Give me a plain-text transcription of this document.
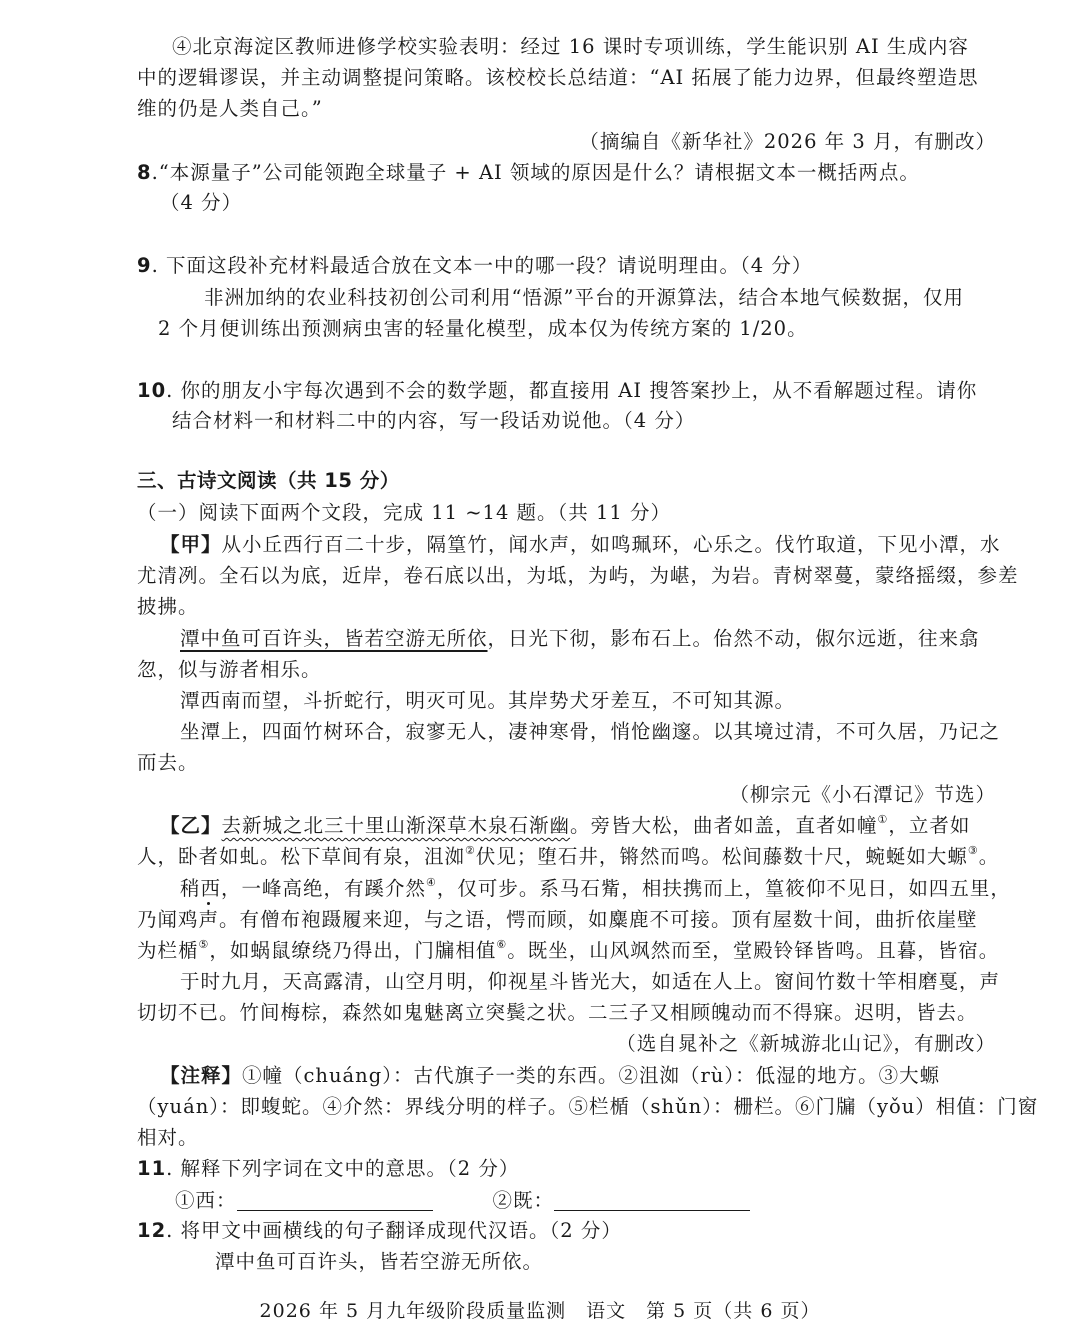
④北京海淀区教师进修学校实验表明：经过 16 课时专项训练，学生能识别 AI 生成内容
中的逻辑谬误，并主动调整提问策略。该校校长总结道：“AI 拓展了能力边界，但最终塑造思
维的仍是人类自己。”
（摘编自《新华社》2026 年 3 月，有删改）
8.“本源量子”公司能领跑全球量子 + AI 领域的原因是什么？请根据文本一概括两点。
（4 分）
9. 下面这段补充材料最适合放在文本一中的哪一段？请说明理由。（4 分）
非洲加纳的农业科技初创公司利用“悟源”平台的开源算法，结合本地气候数据，仅用
2 个月便训练出预测病虫害的轻量化模型，成本仅为传统方案的 1/20。
10. 你的朋友小宇每次遇到不会的数学题，都直接用 AI 搜答案抄上，从不看解题过程。请你
结合材料一和材料二中的内容，写一段话劝说他。（4 分）
三、古诗文阅读（共 15 分）
（一）阅读下面两个文段，完成 11 ~14 题。（共 11 分）
【甲】从小丘西行百二十步，隔篁竹，闻水声，如鸣珮环，心乐之。伐竹取道，下见小潭，水
尤清冽。全石以为底，近岸，卷石底以出，为坻，为屿，为嵁，为岩。青树翠蔓，蒙络摇缀，参差
披拂。
潭中鱼可百许头，皆若空游无所依，日光下彻，影布石上。佁然不动，俶尔远逝，往来翕
忽，似与游者相乐。
潭西南而望，斗折蛇行，明灭可见。其岸势犬牙差互，不可知其源。
坐潭上，四面竹树环合，寂寥无人，凄神寒骨，悄怆幽邃。以其境过清，不可久居，乃记之
而去。
（柳宗元《小石潭记》节选）
【乙】去新城之北三十里山渐深草木泉石渐幽。旁皆大松，曲者如盖，直者如幢①，立者如
人，卧者如虬。松下草间有泉，沮洳②伏见；堕石井，锵然而鸣。松间藤数十尺，蜿蜒如大螈③。
稍西，一峰高绝，有蹊介然④，仅可步。系马石觜，相扶携而上，篁筱仰不见日，如四五里，
乃闻鸡声。有僧布袍蹑履来迎，与之语，愕而顾，如麋鹿不可接。顶有屋数十间，曲折依崖壁
为栏楯⑤，如蜗鼠缭绕乃得出，门牖相值⑥。既坐，山风飒然而至，堂殿铃铎皆鸣。且暮，皆宿。
于时九月，天高露清，山空月明，仰视星斗皆光大，如适在人上。窗间竹数十竿相磨戛，声
切切不已。竹间梅棕，森然如鬼魅离立突鬓之状。二三子又相顾魄动而不得寐。迟明，皆去。
（选自晁补之《新城游北山记》，有删改）
【注释】①幢（chuáng）：古代旗子一类的东西。②沮洳（rù）：低湿的地方。③大螈
（yuán）：即蝮蛇。④介然：界线分明的样子。⑤栏楯（shǔn）：栅栏。⑥门牖（yǒu）相值：门窗
相对。
11. 解释下列字词在文中的意思。（2 分）
①西：	②既：
12. 将甲文中画横线的句子翻译成现代汉语。（2 分）
潭中鱼可百许头，皆若空游无所依。
2026 年 5 月九年级阶段质量监测　语文　第 5 页（共 6 页）
